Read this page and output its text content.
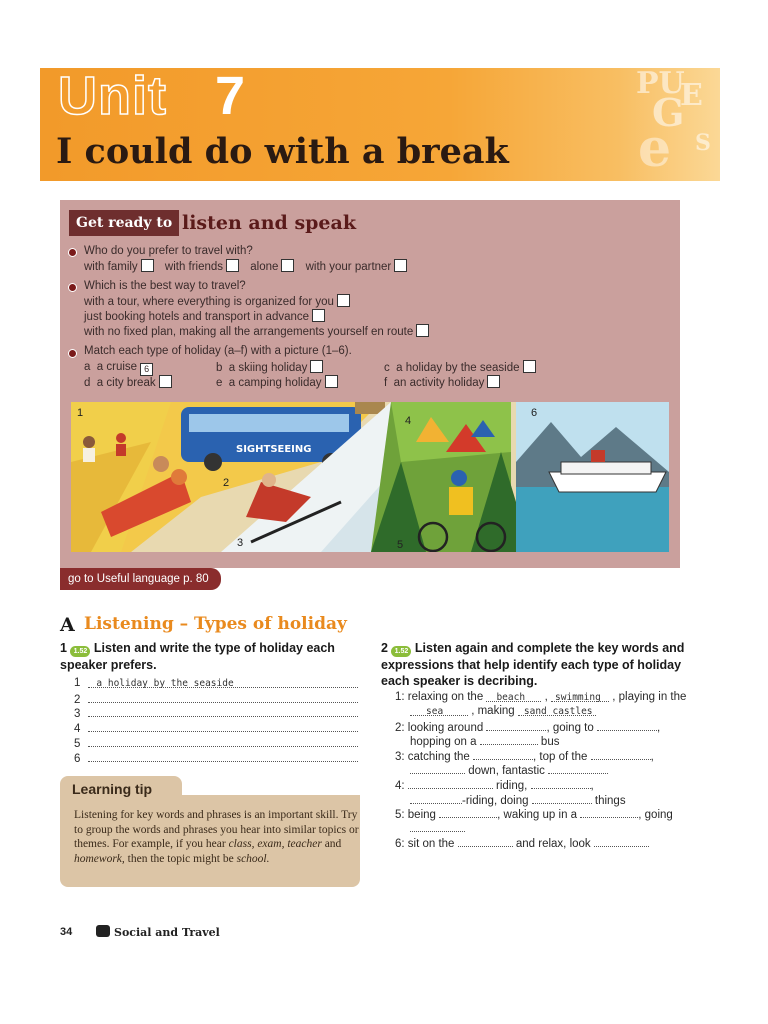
Unit 7
I could do with a break
PU
G
E
e S
Get ready to listen and speak
Who do you prefer to travel with?
with family with friends alone with your partner
Which is the best way to travel?
with a tour, where everything is organized for you
just booking hotels and transport in advance
with no fixed plan, making all the arrangements yourself en route
Match each type of holiday (a–f) with a picture (1–6).
a a cruise 6	b a skiing holiday	c a holiday by the seaside
d a city break	e a camping holiday	f an activity holiday
SIGHTSEEING
1
2
3
4
5
6
go to Useful language p. 80
A Listening – Types of holiday
1 1.52 Listen and write the type of holiday each speaker prefers.
1 a holiday by the seaside
2
3
4
5
6
2 1.52 Listen again and complete the key words and expressions that help identify each type of holiday each speaker is decribing.
1: relaxing on the beach , swimming , playing in the
sea , making sand castles
2: looking around	, going to	,
hopping on a	bus
3: catching the	, top of the	,
down, fantastic
4:	riding,	,
-riding, doing	things
5: being	, waking up in a	, going
6: sit on the	and relax, look
Learning tip
Listening for key words and phrases is an important skill. Try to group the words and phrases you hear into similar topics or themes. For example, if you hear class, exam, teacher and homework, then the topic might be school.
34	Social and Travel
